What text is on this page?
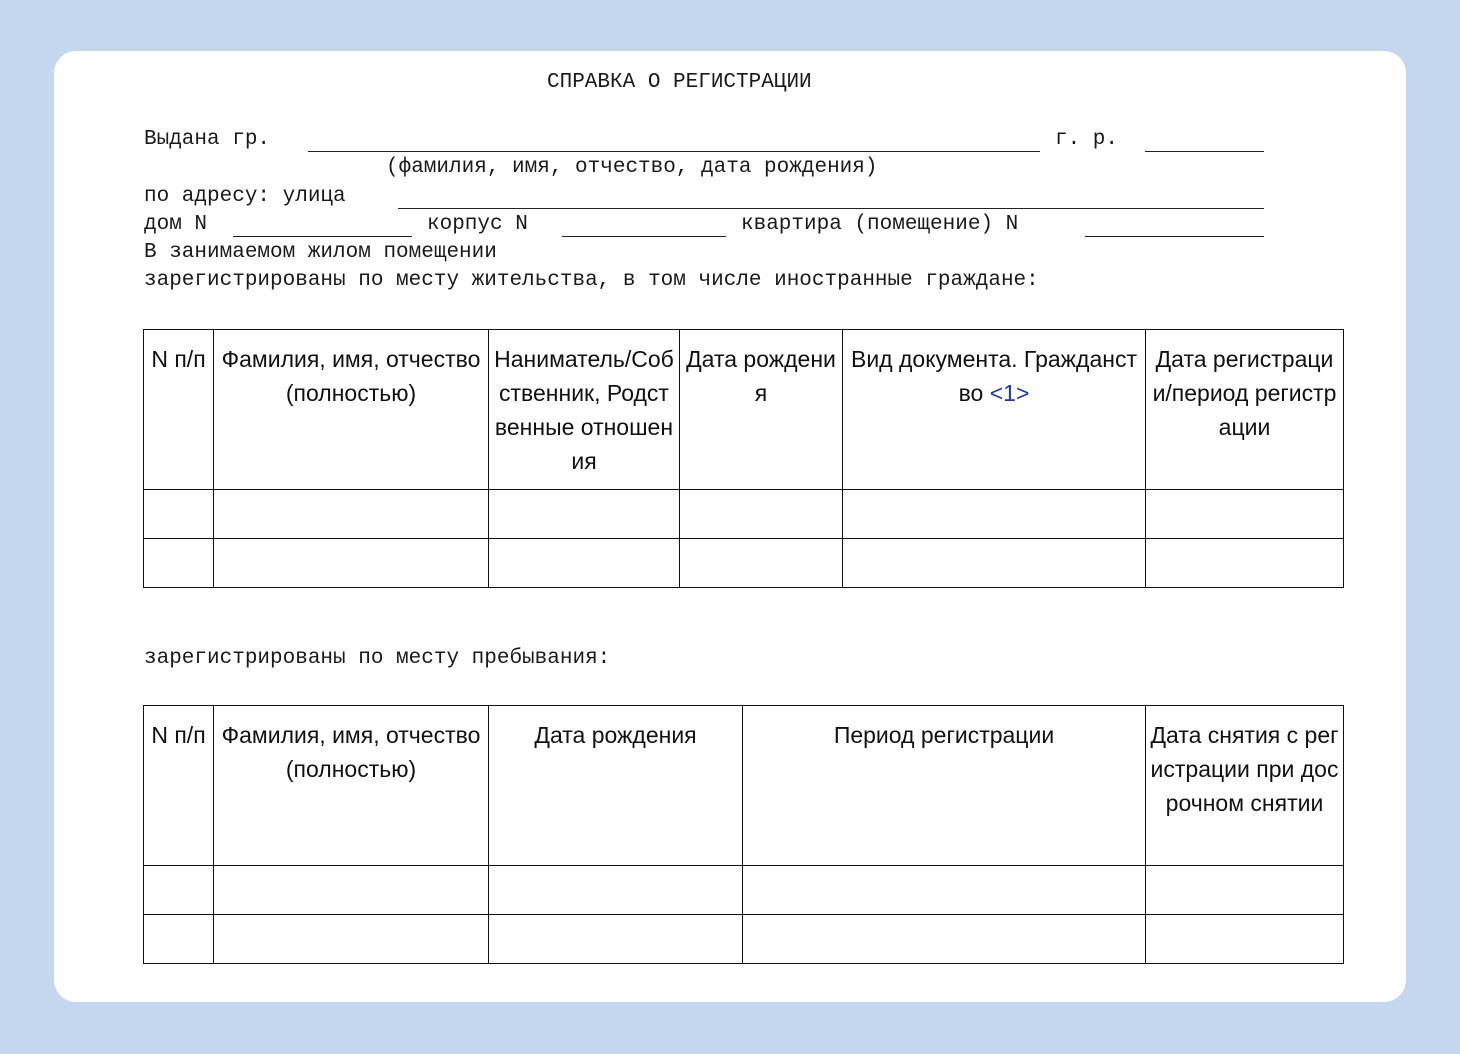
СПРАВКА О РЕГИСТРАЦИИ
Выдана гр.	г. р.
(фамилия, имя, отчество, дата рождения)
по адресу: улица
дом N	корпус N	квартира (помещение) N
В занимаемом жилом помещении
зарегистрированы по месту жительства, в том числе иностранные граждане:
N п/п	Фамилия, имя, отчество (полностью)	Наниматель/Собственник, Родственные отношения	Дата рождения	Вид документа. Гражданство <1>	Дата регистрации/период регистрации

зарегистрированы по месту пребывания:
N п/п	Фамилия, имя, отчество (полностью)	Дата рождения	Период регистрации	Дата снятия с регистрации при досрочном снятии
